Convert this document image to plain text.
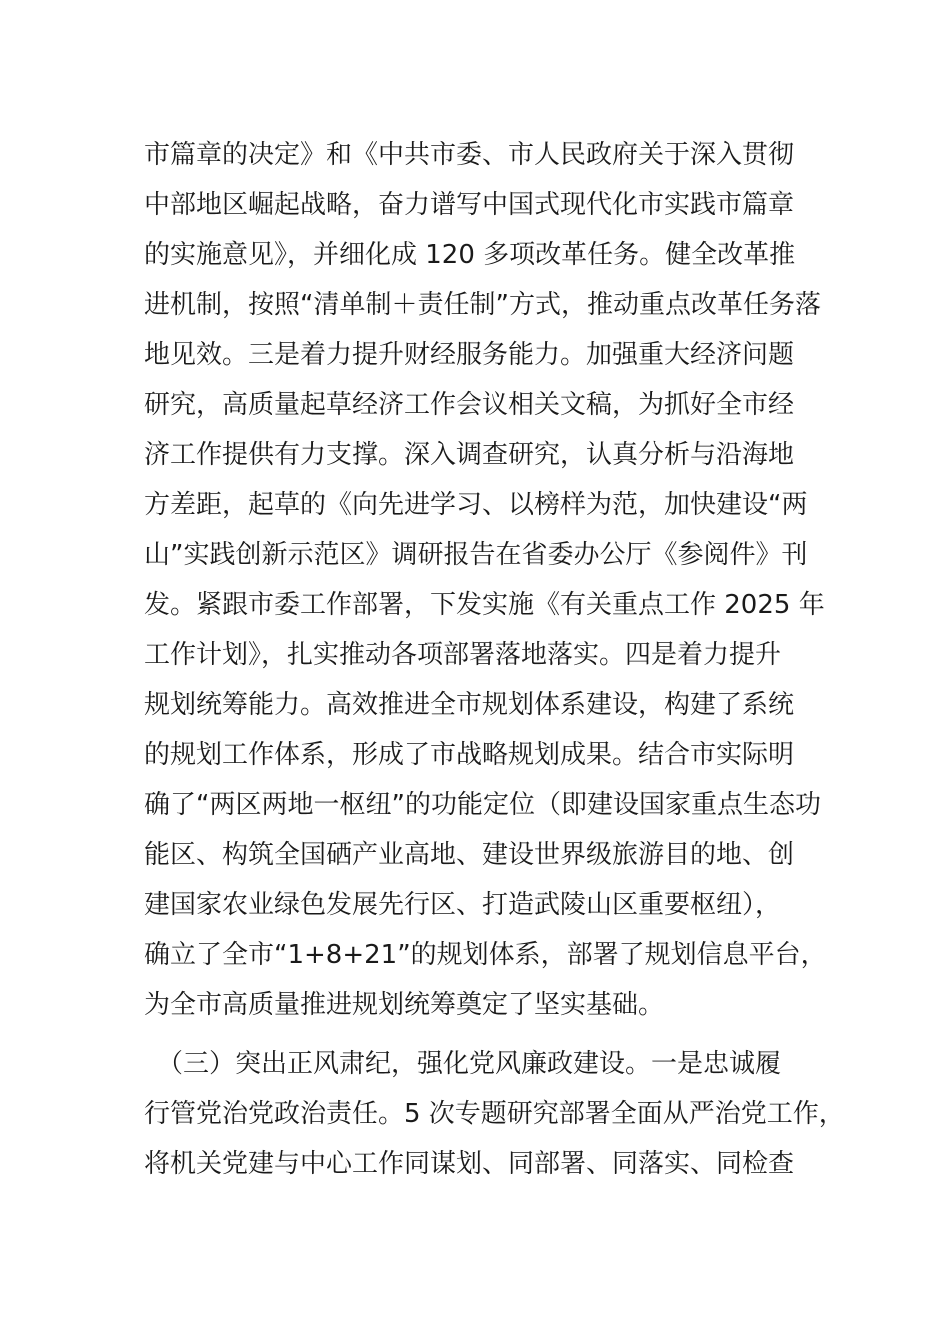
市篇章的决定》和《中共市委、市人民政府关于深入贯彻
中部地区崛起战略，奋力谱写中国式现代化市实践市篇章
的实施意见》，并细化成 120 多项改革任务。健全改革推
进机制，按照“清单制＋责任制”方式，推动重点改革任务落
地见效。三是着力提升财经服务能力。加强重大经济问题
研究，高质量起草经济工作会议相关文稿，为抓好全市经
济工作提供有力支撑。深入调查研究，认真分析与沿海地
方差距，起草的《向先进学习、以榜样为范，加快建设“两
山”实践创新示范区》调研报告在省委办公厅《参阅件》刊
发。紧跟市委工作部署，下发实施《有关重点工作 2025 年
工作计划》，扎实推动各项部署落地落实。四是着力提升
规划统筹能力。高效推进全市规划体系建设，构建了系统
的规划工作体系，形成了市战略规划成果。结合市实际明
确了“两区两地一枢纽”的功能定位（即建设国家重点生态功
能区、构筑全国硒产业高地、建设世界级旅游目的地、创
建国家农业绿色发展先行区、打造武陵山区重要枢纽），
确立了全市“1+8+21”的规划体系，部署了规划信息平台，
为全市高质量推进规划统筹奠定了坚实基础。
　（三）突出正风肃纪，强化党风廉政建设。一是忠诚履
行管党治党政治责任。5 次专题研究部署全面从严治党工作，
将机关党建与中心工作同谋划、同部署、同落实、同检查
